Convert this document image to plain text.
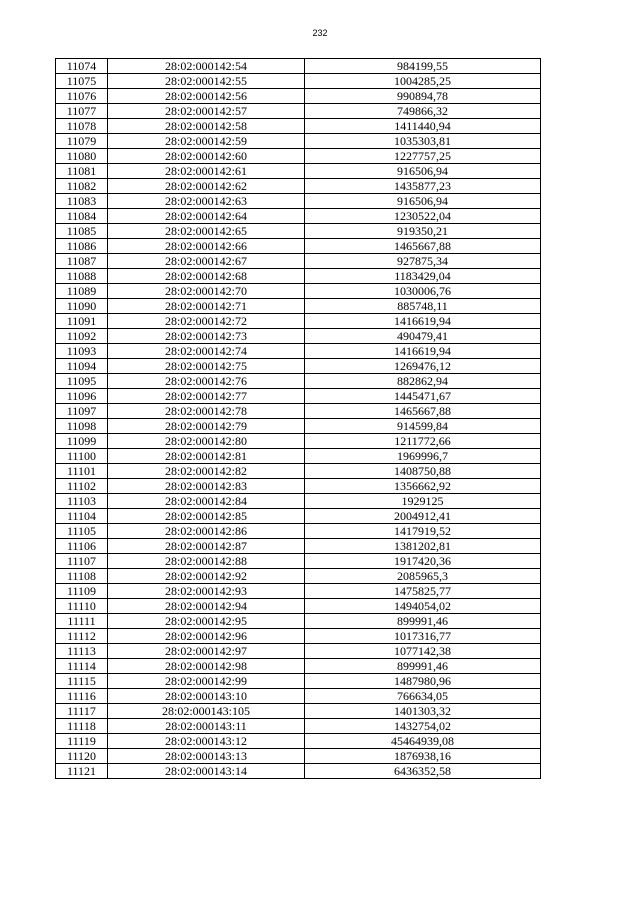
232
11074	28:02:000142:54	984199,55
11075	28:02:000142:55	1004285,25
11076	28:02:000142:56	990894,78
11077	28:02:000142:57	749866,32
11078	28:02:000142:58	1411440,94
11079	28:02:000142:59	1035303,81
11080	28:02:000142:60	1227757,25
11081	28:02:000142:61	916506,94
11082	28:02:000142:62	1435877,23
11083	28:02:000142:63	916506,94
11084	28:02:000142:64	1230522,04
11085	28:02:000142:65	919350,21
11086	28:02:000142:66	1465667,88
11087	28:02:000142:67	927875,34
11088	28:02:000142:68	1183429,04
11089	28:02:000142:70	1030006,76
11090	28:02:000142:71	885748,11
11091	28:02:000142:72	1416619,94
11092	28:02:000142:73	490479,41
11093	28:02:000142:74	1416619,94
11094	28:02:000142:75	1269476,12
11095	28:02:000142:76	882862,94
11096	28:02:000142:77	1445471,67
11097	28:02:000142:78	1465667,88
11098	28:02:000142:79	914599,84
11099	28:02:000142:80	1211772,66
11100	28:02:000142:81	1969996,7
11101	28:02:000142:82	1408750,88
11102	28:02:000142:83	1356662,92
11103	28:02:000142:84	1929125
11104	28:02:000142:85	2004912,41
11105	28:02:000142:86	1417919,52
11106	28:02:000142:87	1381202,81
11107	28:02:000142:88	1917420,36
11108	28:02:000142:92	2085965,3
11109	28:02:000142:93	1475825,77
11110	28:02:000142:94	1494054,02
11111	28:02:000142:95	899991,46
11112	28:02:000142:96	1017316,77
11113	28:02:000142:97	1077142,38
11114	28:02:000142:98	899991,46
11115	28:02:000142:99	1487980,96
11116	28:02:000143:10	766634,05
11117	28:02:000143:105	1401303,32
11118	28:02:000143:11	1432754,02
11119	28:02:000143:12	45464939,08
11120	28:02:000143:13	1876938,16
11121	28:02:000143:14	6436352,58
